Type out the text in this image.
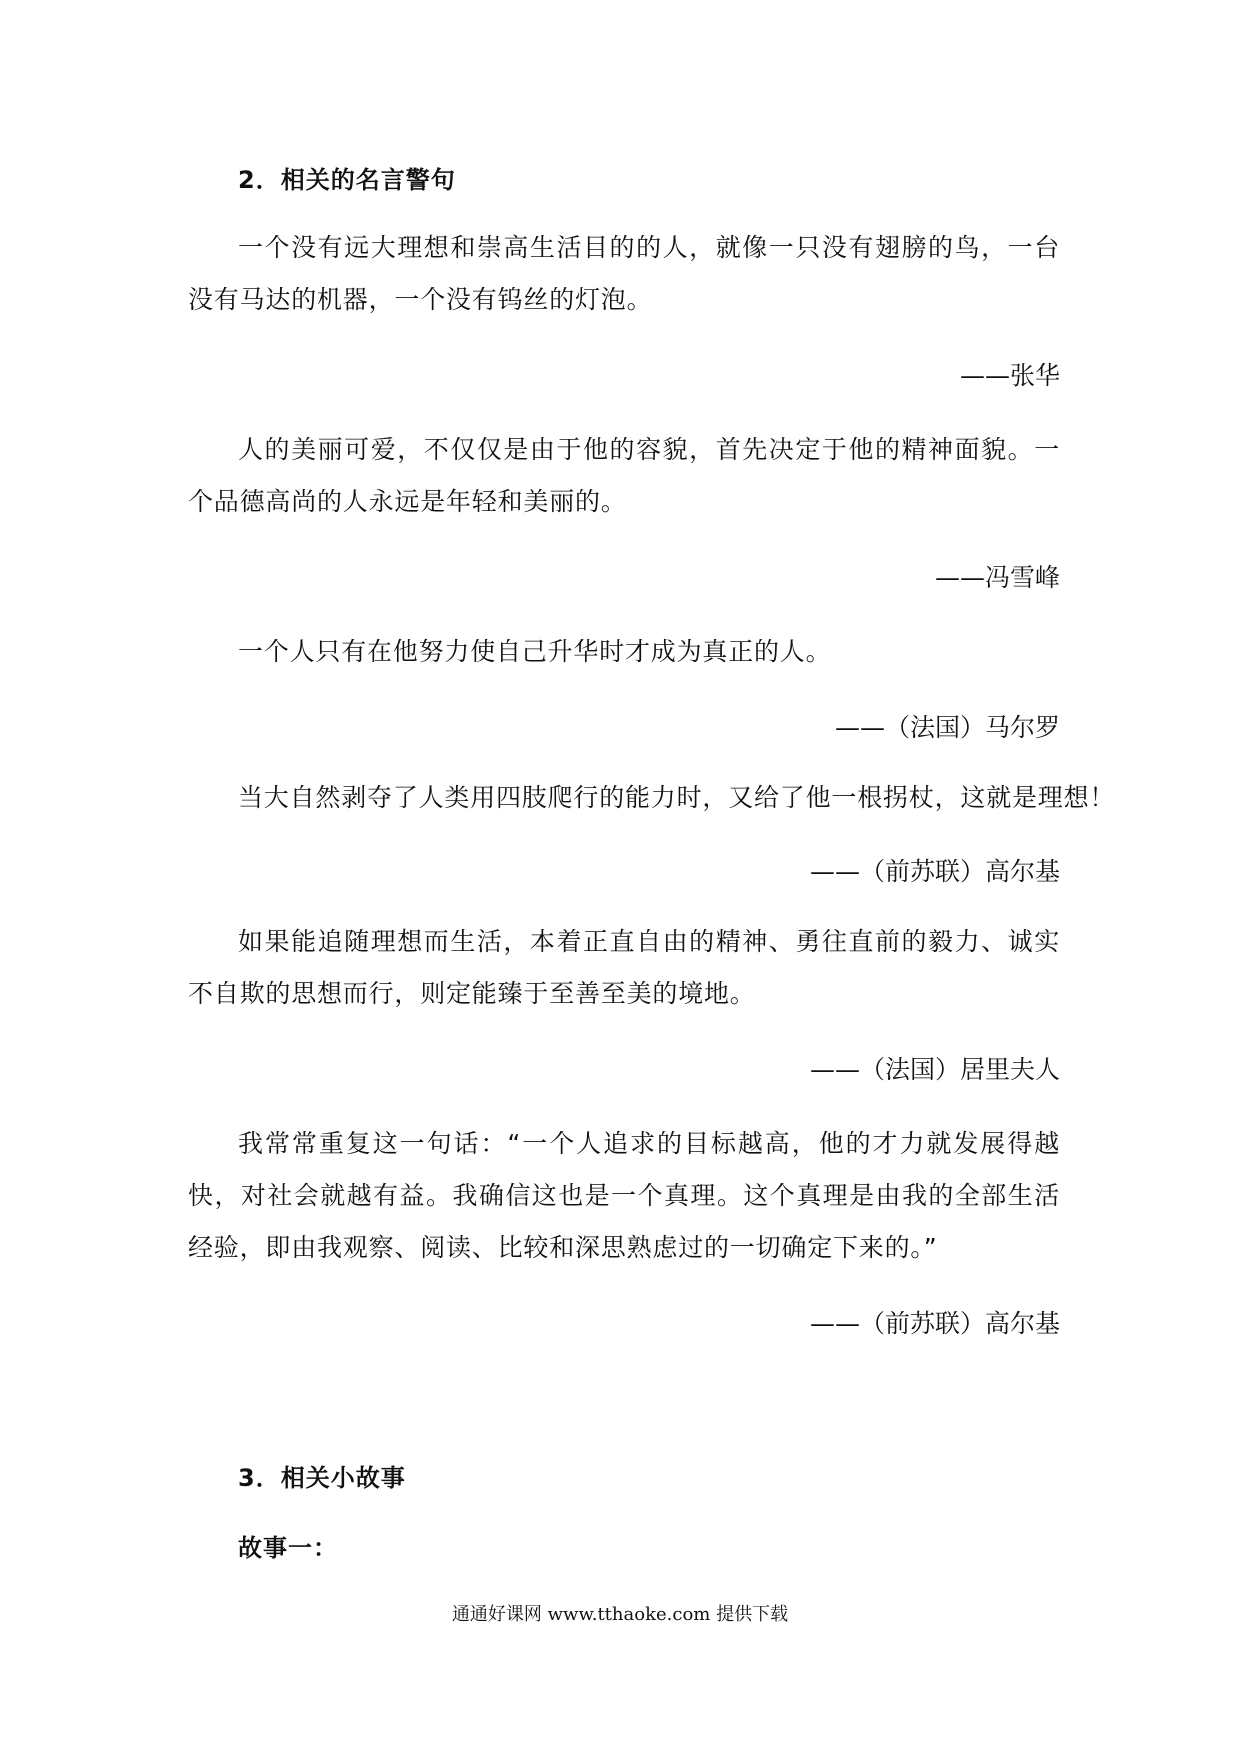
2．相关的名言警句

一个没有远大理想和崇高生活目的的人，就像一只没有翅膀的鸟，一台没有马达的机器，一个没有钨丝的灯泡。

——张华

人的美丽可爱，不仅仅是由于他的容貌，首先决定于他的精神面貌。一个品德高尚的人永远是年轻和美丽的。

——冯雪峰

一个人只有在他努力使自己升华时才成为真正的人。

——（法国）马尔罗

当大自然剥夺了人类用四肢爬行的能力时，又给了他一根拐杖，这就是理想！

——（前苏联）高尔基

如果能追随理想而生活，本着正直自由的精神、勇往直前的毅力、诚实不自欺的思想而行，则定能臻于至善至美的境地。

——（法国）居里夫人

我常常重复这一句话：“一个人追求的目标越高，他的才力就发展得越快，对社会就越有益。我确信这也是一个真理。这个真理是由我的全部生活经验，即由我观察、阅读、比较和深思熟虑过的一切确定下来的。”

——（前苏联）高尔基
3．相关小故事
故事一：
通通好课网 www.tthaoke.com 提供下载
